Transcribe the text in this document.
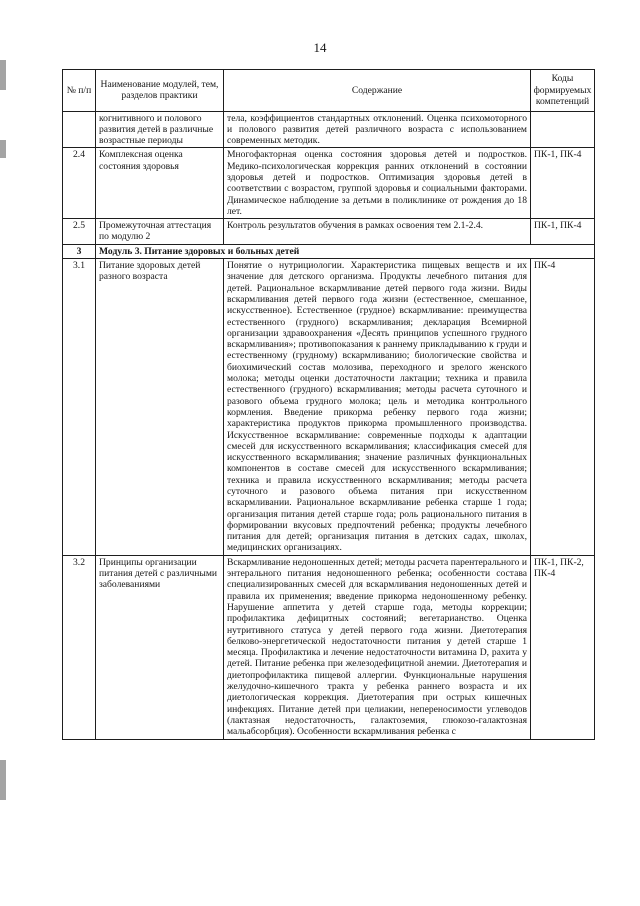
14
№ п/п	Наименование модулей, тем, разделов практики	Содержание	Коды формируемых компетенций
	когнитивного и полового развития детей в различные возрастные периоды	тела, коэффициентов стандартных отклонений. Оценка психомоторного и полового развития детей различного возраста с использованием современных методик.	
2.4	Комплексная оценка состояния здоровья	Многофакторная оценка состояния здоровья детей и подростков. Медико-психологическая коррекция ранних отклонений в состоянии здоровья детей и подростков. Оптимизация здоровья детей в соответствии с возрастом, группой здоровья и социальными факторами. Динамическое наблюдение за детьми в поликлинике от рождения до 18 лет.	ПК-1, ПК-4
2.5	Промежуточная аттестация по модулю 2	Контроль результатов обучения в рамках освоения тем 2.1-2.4.	ПК-1, ПК-4
3	Модуль 3. Питание здоровых и больных детей		
3.1	Питание здоровых детей разного возраста	Понятие о нутрициологии. Характеристика пищевых веществ и их значение для детского организма. Продукты лечебного питания для детей. Рациональное вскармливание детей первого года жизни. Виды вскармливания детей первого года жизни (естественное, смешанное, искусственное). Естественное (грудное) вскармливание: преимущества естественного (грудного) вскармливания; декларация Всемирной организации здравоохранения «Десять принципов успешного грудного вскармливания»; противопоказания к раннему прикладыванию к груди и естественному (грудному) вскармливанию; биологические свойства и биохимический состав молозива, переходного и зрелого женского молока; методы оценки достаточности лактации; техника и правила естественного (грудного) вскармливания; методы расчета суточного и разового объема грудного молока; цель и методика контрольного кормления. Введение прикорма ребенку первого года жизни; характеристика продуктов прикорма промышленного производства. Искусственное вскармливание: современные подходы к адаптации смесей для искусственного вскармливания; классификация смесей для искусственного вскармливания; значение различных функциональных компонентов в составе смесей для искусственного вскармливания; техника и правила искусственного вскармливания; методы расчета суточного и разового объема питания при искусственном вскармливании. Рациональное вскармливание ребенка старше 1 года; организация питания детей старше года; роль рационального питания в формировании вкусовых предпочтений ребенка; продукты лечебного питания для детей; организация питания в детских садах, школах, медицинских организациях.	ПК-4
3.2	Принципы организации питания детей с различными заболеваниями	Вскармливание недоношенных детей; методы расчета парентерального и энтерального питания недоношенного ребенка; особенности состава специализированных смесей для вскармливания недоношенных детей и правила их применения; введение прикорма недоношенному ребенку. Нарушение аппетита у детей старше года, методы коррекции; профилактика дефицитных состояний; вегетарианство. Оценка нутритивного статуса у детей первого года жизни. Диетотерапия белково-энергетической недостаточности питания у детей старше 1 месяца. Профилактика и лечение недостаточности витамина D, рахита у детей. Питание ребенка при железодефицитной анемии. Диетотерапия и диетопрофилактика пищевой аллергии. Функциональные нарушения желудочно-кишечного тракта у ребенка раннего возраста и их диетологическая коррекция. Диетотерапия при острых кишечных инфекциях. Питание детей при целиакии, непереносимости углеводов (лактазная недостаточность, галактоземия, глюкозо-галактозная мальабсорбция). Особенности вскармливания ребенка с	ПК-1, ПК-2, ПК-4
